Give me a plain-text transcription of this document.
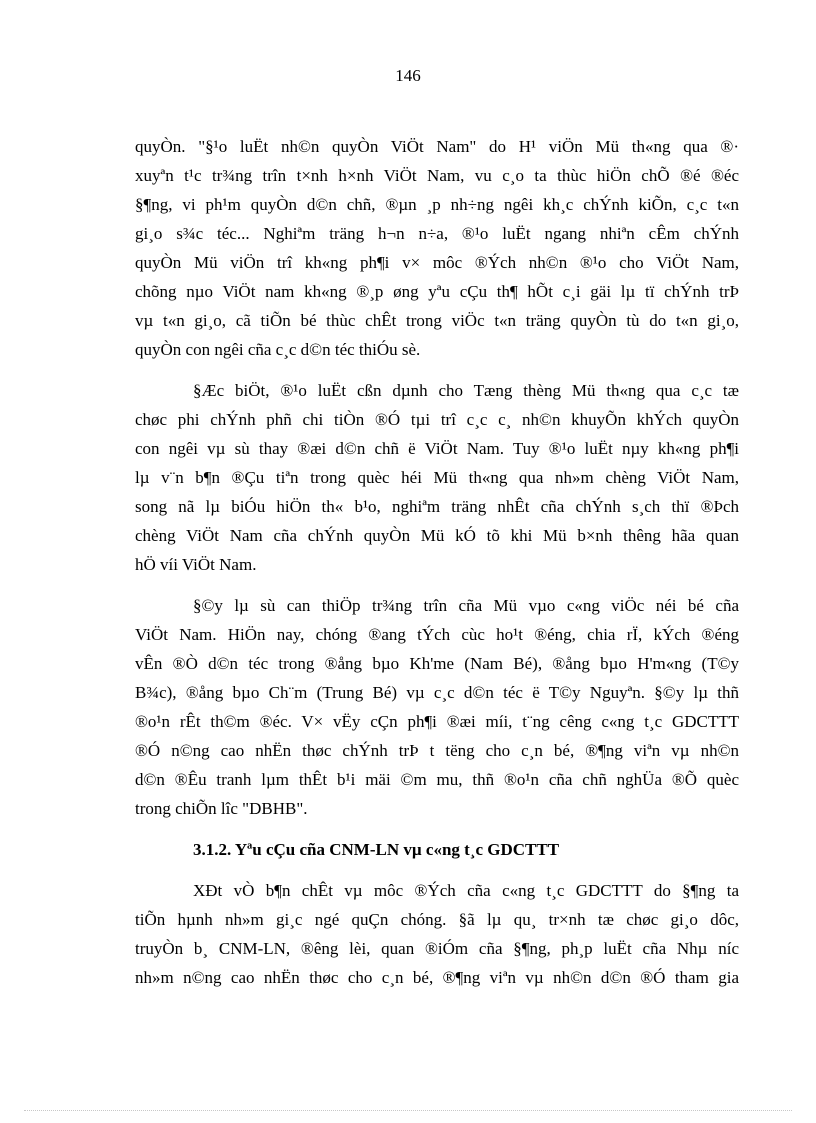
146
quyÒn. "§¹o luËt nh©n quyÒn ViÖt Nam" do H¹ viÖn Mü th«ng qua ®·
xuyªn t¹c tr¾ng trîn t×nh h×nh ViÖt Nam, vu c¸o ta thùc hiÖn chÕ ®é ®éc
§¶ng, vi ph¹m quyÒn d©n chñ, ®µn ¸p nh÷ng ngêi kh¸c chÝnh kiÕn, c¸c t«n
gi¸o s¾c téc... Nghiªm träng h¬n n÷a, ®¹o luËt ngang nhiªn cÊm chÝnh
quyÒn Mü viÖn trî kh«ng ph¶i v× môc ®Ých nh©n ®¹o cho ViÖt Nam,
chõng nµo ViÖt nam kh«ng ®¸p øng yªu cÇu th¶ hÕt c¸i gäi lµ tï chÝnh trÞ
vµ t«n gi¸o, cã tiÕn bé thùc chÊt trong viÖc t«n träng quyÒn tù do t«n gi¸o,
quyÒn con ngêi cña c¸c d©n téc thiÓu sè.
§Æc biÖt, ®¹o luËt cßn dµnh cho Tæng thèng Mü th«ng qua c¸c tæ
chøc phi chÝnh phñ chi tiÒn ®Ó tµi trî c¸c c¸ nh©n khuyÕn khÝch quyÒn
con ngêi vµ sù thay ®æi d©n chñ ë ViÖt Nam. Tuy ®¹o luËt nµy kh«ng ph¶i
lµ v¨n b¶n ®Çu tiªn trong quèc héi Mü th«ng qua nh»m chèng ViÖt Nam,
song nã lµ biÓu hiÖn th« b¹o, nghiªm träng nhÊt cña chÝnh s¸ch thï ®Þch
chèng ViÖt Nam cña chÝnh quyÒn Mü kÓ tõ khi Mü b×nh thêng hãa quan
hÖ víi ViÖt Nam.
§©y lµ sù can thiÖp tr¾ng trîn cña Mü vµo c«ng viÖc néi bé cña
ViÖt Nam. HiÖn nay, chóng ®ang tÝch cùc ho¹t ®éng, chia rÏ, kÝch ®éng
vÊn ®Ò d©n téc trong ®ång bµo Kh'me (Nam Bé), ®ång bµo H'm«ng (T©y
B¾c), ®ång bµo Ch¨m (Trung Bé) vµ c¸c d©n téc ë T©y Nguyªn. §©y lµ thñ
®o¹n rÊt th©m ®éc. V× vËy cÇn ph¶i ®æi míi, t¨ng cêng c«ng t¸c GDCTTT
®Ó n©ng cao nhËn thøc chÝnh trÞ t tëng cho c¸n bé, ®¶ng viªn vµ nh©n
d©n ®Êu tranh lµm thÊt b¹i mäi ©m mu, thñ ®o¹n cña chñ nghÜa ®Õ quèc
trong chiÕn lîc "DBHB".
3.1.2. Yªu cÇu cña CNM-LN vµ c«ng t¸c GDCTTT
XÐt vÒ b¶n chÊt vµ môc ®Ých cña c«ng t¸c GDCTTT do §¶ng ta
tiÕn hµnh nh»m gi¸c ngé quÇn chóng. §ã lµ qu¸ tr×nh tæ chøc gi¸o dôc,
truyÒn b¸ CNM-LN, ®êng lèi, quan ®iÓm cña §¶ng, ph¸p luËt cña Nhµ níc
nh»m n©ng cao nhËn thøc cho c¸n bé, ®¶ng viªn vµ nh©n d©n ®Ó tham gia
